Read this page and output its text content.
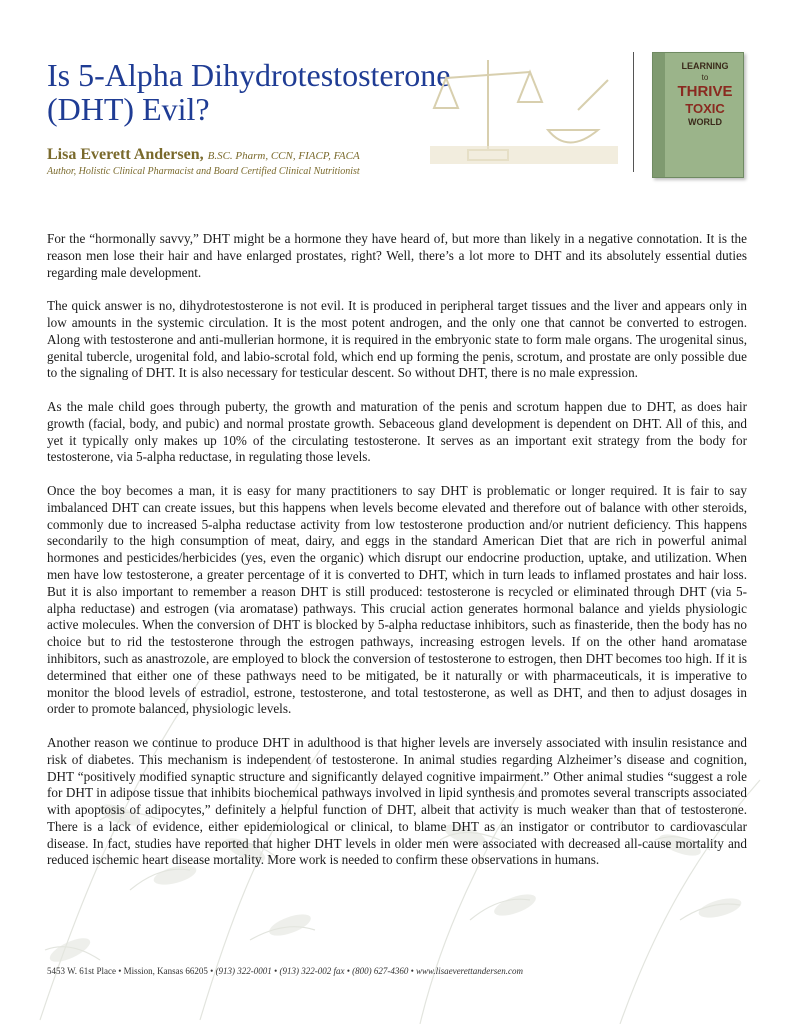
Is 5-Alpha Dihydrotestosterone (DHT) Evil?

Lisa Everett Andersen, B.SC. Pharm, CCN, FIACP, FACA

Author, Holistic Clinical Pharmacist and Board Certified Clinical Nutritionist

LEARNING
to
THRIVE
TOXIC
WORLD

For the “hormonally savvy,” DHT might be a hormone they have heard of, but more than likely in a negative connotation. It is the reason men lose their hair and have enlarged prostates, right? Well, there’s a lot more to DHT and its absolutely essential duties regarding male development.

The quick answer is no, dihydrotestosterone is not evil. It is produced in peripheral target tissues and the liver and appears only in low amounts in the systemic circulation. It is the most potent androgen, and the only one that cannot be converted to estrogen. Along with testosterone and anti-mullerian hormone, it is required in the embryonic state to form male organs. The urogenital sinus, genital tubercle, urogenital fold, and labio-scrotal fold, which end up forming the penis, scrotum, and prostate are only possible due to the signaling of DHT. It is also necessary for testicular descent. So without DHT, there is no male expression.

As the male child goes through puberty, the growth and maturation of the penis and scrotum happen due to DHT, as does hair growth (facial, body, and pubic) and normal prostate growth. Sebaceous gland development is dependent on DHT. All of this, and yet it typically only makes up 10% of the circulating testosterone. It serves as an important exit strategy from the body for testosterone, via 5-alpha reductase, in regulating those levels.

Once the boy becomes a man, it is easy for many practitioners to say DHT is problematic or longer required. It is fair to say imbalanced DHT can create issues, but this happens when levels become elevated and therefore out of balance with other steroids, commonly due to increased 5-alpha reductase activity from low testosterone production and/or nutrient deficiency. This happens secondarily to the high consumption of meat, dairy, and eggs in the standard American Diet that are rich in powerful animal hormones and pesticides/herbicides (yes, even the organic) which disrupt our endocrine production, uptake, and utilization. When men have low testosterone, a greater percentage of it is converted to DHT, which in turn leads to inflamed prostates and hair loss. But it is also important to remember a reason DHT is still produced: testosterone is recycled or eliminated through DHT (via 5-alpha reductase) and estrogen (via aromatase) pathways. This crucial action generates hormonal balance and yields physiologic active molecules. When the conversion of DHT is blocked by 5-alpha reductase inhibitors, such as finasteride, then the body has no choice but to rid the testosterone through the estrogen pathways, increasing estrogen levels. If on the other hand aromatase inhibitors, such as anastrozole, are employed to block the conversion of testosterone to estrogen, then DHT becomes too high. If it is determined that either one of these pathways need to be mitigated, be it naturally or with pharmaceuticals, it is imperative to monitor the blood levels of estradiol, estrone, testosterone, and total testosterone, as well as DHT, and then to adjust dosages in order to promote balanced, physiologic levels.

Another reason we continue to produce DHT in adulthood is that higher levels are inversely associated with insulin resistance and risk of diabetes. This mechanism is independent of testosterone. In animal studies regarding Alzheimer’s disease and cognition, DHT “positively modified synaptic structure and significantly delayed cognitive impairment.” Other animal studies “suggest a role for DHT in adipose tissue that inhibits biochemical pathways involved in lipid synthesis and promotes several transcripts associated with apoptosis of adipocytes,” definitely a helpful function of DHT, albeit that activity is much weaker than that of testosterone. There is a lack of evidence, either epidemiological or clinical, to blame DHT as an instigator or contributor to cardiovascular disease. In fact, studies have reported that higher DHT levels in older men were associated with decreased all-cause mortality and reduced ischemic heart disease mortality. More work is needed to confirm these observations in humans.

5453 W. 61st Place • Mission, Kansas 66205 • (913) 322-0001 • (913) 322-002 fax • (800) 627-4360 • www.lisaeverettandersen.com
